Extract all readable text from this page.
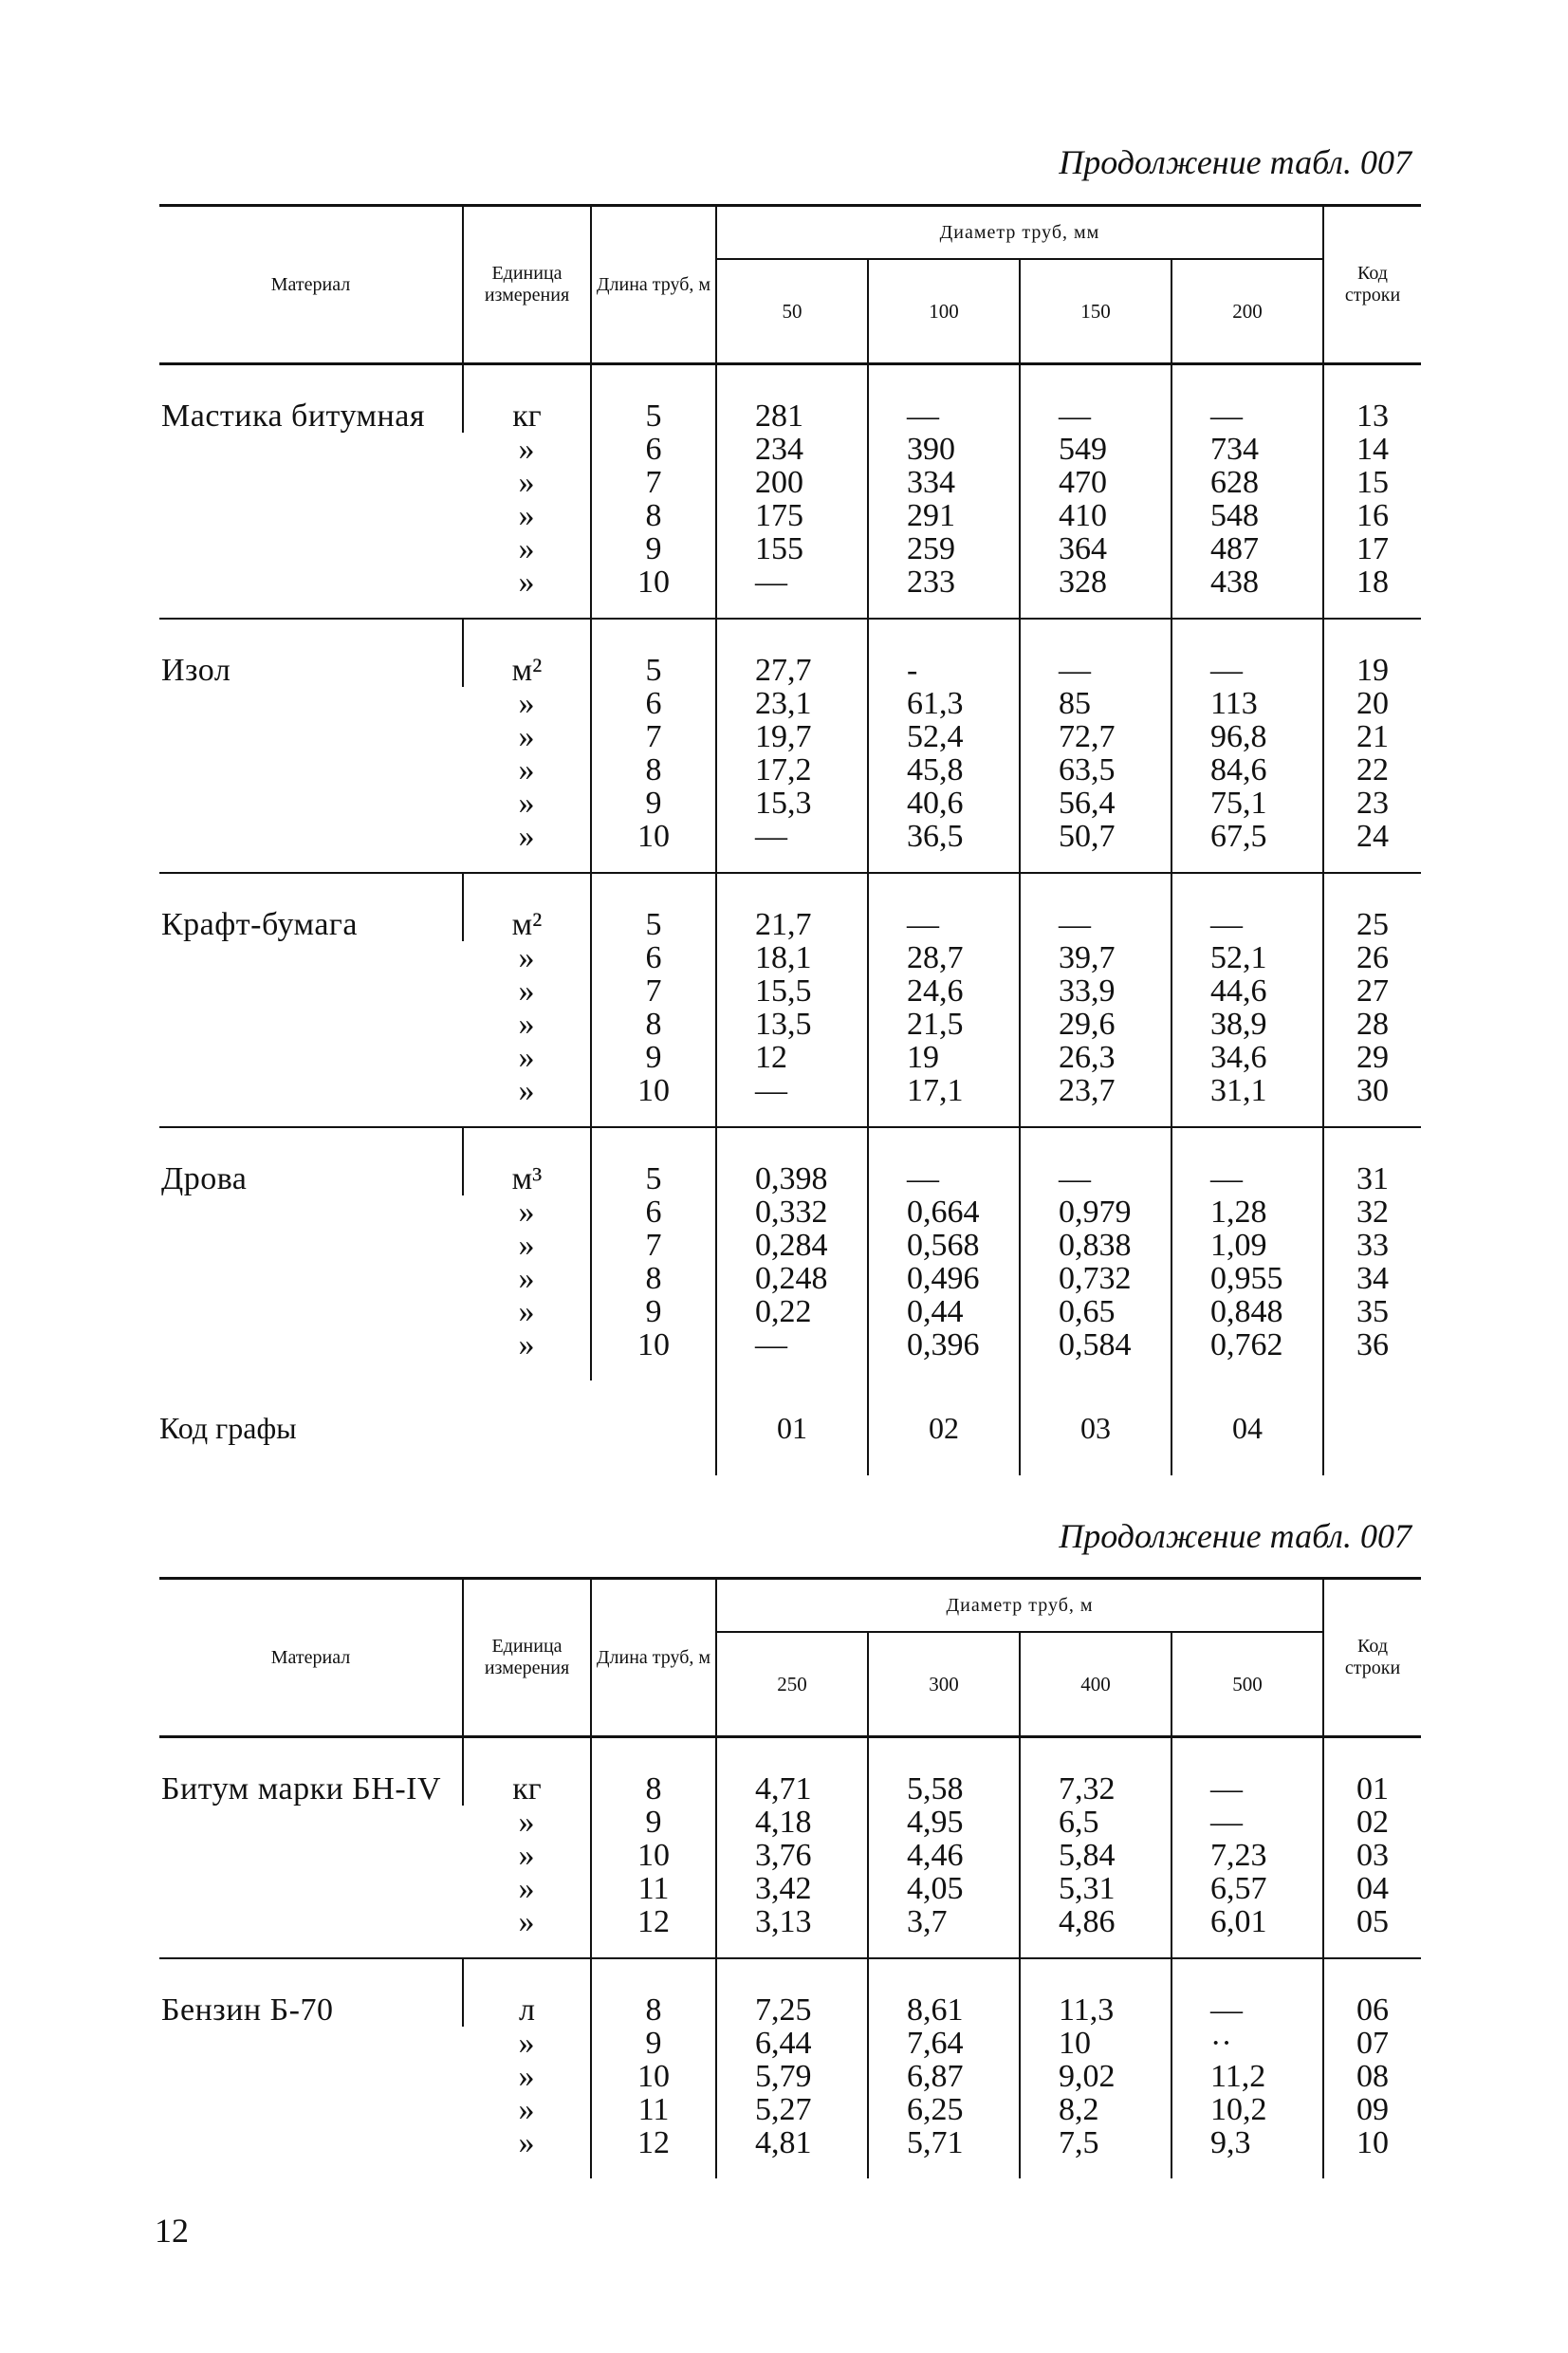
Продолжение табл. 007
Материал	Единица измерения	Длина труб, м	Диаметр труб, мм				Код строки
			50	100	150	200	
Мастика битумная	кг	5	281	—	—	—	13
	»	6	234	390	549	734	14
	»	7	200	334	470	628	15
	»	8	175	291	410	548	16
	»	9	155	259	364	487	17
	»	10	—	233	328	438	18
Изол	м²	5	27,7	-	—	—	19
	»	6	23,1	61,3	85	113	20
	»	7	19,7	52,4	72,7	96,8	21
	»	8	17,2	45,8	63,5	84,6	22
	»	9	15,3	40,6	56,4	75,1	23
	»	10	—	36,5	50,7	67,5	24
Крафт-бумага	м²	5	21,7	—	—	—	25
	»	6	18,1	28,7	39,7	52,1	26
	»	7	15,5	24,6	33,9	44,6	27
	»	8	13,5	21,5	29,6	38,9	28
	»	9	12	19	26,3	34,6	29
	»	10	—	17,1	23,7	31,1	30
Дрова	м³	5	0,398	—	—	—	31
	»	6	0,332	0,664	0,979	1,28	32
	»	7	0,284	0,568	0,838	1,09	33
	»	8	0,248	0,496	0,732	0,955	34
	»	9	0,22	0,44	0,65	0,848	35
	»	10	—	0,396	0,584	0,762	36
Код графы			01	02	03	04	
Продолжение табл. 007
Материал	Единица измерения	Длина труб, м	Диаметр труб, м				Код строки
			250	300	400	500	
Битум марки БН-IV	кг	8	4,71	5,58	7,32	—	01
	»	9	4,18	4,95	6,5	—	02
	»	10	3,76	4,46	5,84	7,23	03
	»	11	3,42	4,05	5,31	6,57	04
	»	12	3,13	3,7	4,86	6,01	05
Бензин Б-70	л	8	7,25	8,61	11,3	—	06
	»	9	6,44	7,64	10	··	07
	»	10	5,79	6,87	9,02	11,2	08
	»	11	5,27	6,25	8,2	10,2	09
	»	12	4,81	5,71	7,5	9,3	10
12
